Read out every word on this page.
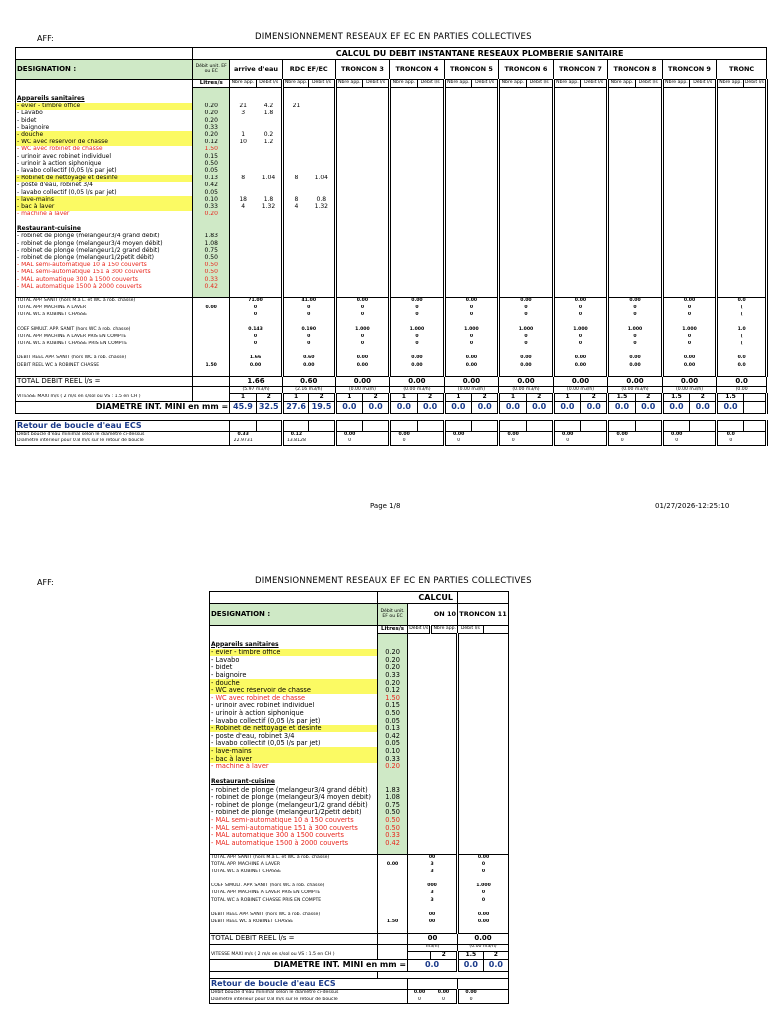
AFF:	DIMENSIONNEMENT RESEAUX EF EC EN PARTIES COLLECTIVES
	CALCUL DU DEBIT INSTANTANE RESEAUX PLOMBERIE SANITAIRE																				
DESIGNATION :	Débit unit. EF ou EC	arrive d'eau		RDC EF/EC		TRONCON 3		TRONCON 4		TRONCON 5		TRONCON 6		TRONCON 7		TRONCON 8		TRONCON 9		TRONC	
	Litres/s	Nbre app.	Débit l/s	Nbre app.	Débit l/s	Nbre app.	Débit l/s	Nbre app.	Débit l/s	Nbre app.	Débit l/s	Nbre app.	Débit l/s	Nbre app.	Débit l/s	Nbre app.	Débit l/s	Nbre app.	Débit l/s	Nbre app.	Débit l/s

Appareils sanitaires																					
- evier - timbre office	0.20	21	4.2	21																	
- Lavabo	0.20	3	1.8																		
- bidet	0.20																				
- baignoire	0.33																				
- douche	0.20	1	0.2																		
- WC avec réservoir de chasse	0.12	10	1.2																		
- WC avec robinet de chasse	1.50																				
- urinoir avec robinet individuel	0.15																				
- urinoir à action siphonique	0.50																				
- lavabo collectif (0,05 l/s par jet)	0.05																				
- Robinet de nettoyage et désinfe	0.13	8	1.04	8	1.04																
- poste d'eau, robinet 3/4	0.42																				
- lavabo collectif (0,05 l/s par jet)	0.05																				
- lave-mains	0.10	18	1.8	8	0.8																
- bac à laver	0.33	4	1.32	4	1.32																
- machine à laver	0.20																				

Restaurant-cuisine																					
- robinet de plonge (melangeur3/4 grand débit)	1.83																				
- robinet de plonge (melangeur3/4 moyen débit)	1.08																				
- robinet de plonge (melangeur1/2 grand débit)	0.75																				
- robinet de plonge (melangeur1/2petit débit)	0.50																				
- MAL semi-automatique 10 à 150 couverts	0.50																				
- MAL semi-automatique 151 à 300 couverts	0.50																				
- MAL automatique 300 à 1500 couverts	0.33																				
- MAL automatique 1500 à 2000 couverts	0.42																				

TOTAL APP. SANIT (hors M.à L. et WC à rob. chasse)		71.00		41.00		0.00		0.00		0.00		0.00		0.00		0.00		0.00		0.0	
TOTAL APP. MACHINE A LAVER	0.00	0		0		0		0		0		0		0		0		0		(	
TOTAL WC à ROBINET CHASSE		0		0		0		0		0		0		0		0		0		(	

COEF SIMULT. APP. SANIT (hors WC à rob. chasse)		0.143		0.190		1.000		1.000		1.000		1.000		1.000		1.000		1.000		1.0	
TOTAL APP. MACHINE A LAVER PRIS EN COMPTE		0		0		0		0		0		0		0		0		0		(	
TOTAL WC à ROBINET CHASSE PRIS EN COMPTE		0		0		0		0		0		0		0		0		0		(	

DEBIT REEL APP. SANIT (hors WC à rob. chasse)		1.66		0.60		0.00		0.00		0.00		0.00		0.00		0.00		0.00		0.0	
DEBIT REEL WC à ROBINET CHASSE	1.50	0.00		0.00		0.00		0.00		0.00		0.00		0.00		0.00		0.00		0.0	

TOTAL DEBIT REEL l/s =		1.66		0.60		0.00		0.00		0.00		0.00		0.00		0.00		0.00		0.0	
		(5.97 m3/h)		(2.16 m3/h)		(0.00 m3/h)		(0.00 m3/h)		(0.00 m3/h)		(0.00 m3/h)		(0.00 m3/h)		(0.00 m3/h)		(0.00 m3/h)		(0.00	
VITESSE MAXI m/s ( 2 m/s en s/sol ou VS : 1.5 en CH )		1	2	1	2	1	2	1	2	1	2	1	2	1	2	1.5	2	1.5	2	1.5	
DIAMETRE INT. MINI en mm =		45.9	32.5	27.6	19.5	0.0	0.0	0.0	0.0	0.0	0.0	0.0	0.0	0.0	0.0	0.0	0.0	0.0	0.0	0.0	

Retour de boucle d'eau ECS																					
Débit boucle d'eau minimal selon le diamètre ci-dessus		0.33		0.12		0.00		0.00		0.00		0.00		0.00		0.00		0.00		0.0	
Diamètre intérieur pour 0.8 m/s sur le retour de boucle		22.9731		13.8128		0		0		0		0		0		0		0		0	
Page 1/8	01/27/2026-12:25:10
AFF:	DIMENSIONNEMENT RESEAUX EF EC EN PARTIES COLLECTIVES
	CALCUL				
DESIGNATION :	Débit unit. EF ou EC	ON 10		TRONCON 11	
	Litres/s	Débit l/s	Nbre app.	Débit l/s	

Appareils sanitaires					
- evier - timbre office	0.20				
- Lavabo	0.20				
- bidet	0.20				
- baignoire	0.33				
- douche	0.20				
- WC avec réservoir de chasse	0.12				
- WC avec robinet de chasse	1.50				
- urinoir avec robinet individuel	0.15				
- urinoir à action siphonique	0.50				
- lavabo collectif (0,05 l/s par jet)	0.05				
- Robinet de nettoyage et désinfe	0.13				
- poste d'eau, robinet 3/4	0.42				
- lavabo collectif (0,05 l/s par jet)	0.05				
- lave-mains	0.10				
- bac à laver	0.33				
- machine à laver	0.20				

Restaurant-cuisine					
- robinet de plonge (melangeur3/4 grand débit)	1.83				
- robinet de plonge (melangeur3/4 moyen débit)	1.08				
- robinet de plonge (melangeur1/2 grand débit)	0.75				
- robinet de plonge (melangeur1/2petit débit)	0.50				
- MAL semi-automatique 10 à 150 couverts	0.50				
- MAL semi-automatique 151 à 300 couverts	0.50				
- MAL automatique 300 à 1500 couverts	0.33				
- MAL automatique 1500 à 2000 couverts	0.42				

TOTAL APP. SANIT (hors M.à L. et WC à rob. chasse)		00		0.00	
TOTAL APP. MACHINE A LAVER	0.00	3		0	
TOTAL WC à ROBINET CHASSE		3		0	

COEF SIMULT. APP. SANIT (hors WC à rob. chasse)		000		1.000	
TOTAL APP. MACHINE A LAVER PRIS EN COMPTE		3		0	
TOTAL WC à ROBINET CHASSE PRIS EN COMPTE		3		0	

DEBIT REEL APP. SANIT (hors WC à rob. chasse)		00		0.00	
DEBIT REEL WC à ROBINET CHASSE	1.50	00		0.00	

TOTAL DEBIT REEL l/s =		00		0.00	
		m3/h)		(0.00 m3/h)	
VITESSE MAXI m/s ( 2 m/s en s/sol ou VS : 1.5 en CH )			2	1.5	2
DIAMETRE INT. MINI en mm =		0.0		0.0	0.0

Retour de boucle d'eau ECS					
Débit boucle d'eau minimal selon le diamètre ci-dessus		0.00	0.00	0.00	
Diamètre intérieur pour 0.8 m/s sur le retour de boucle		0	0	0	
